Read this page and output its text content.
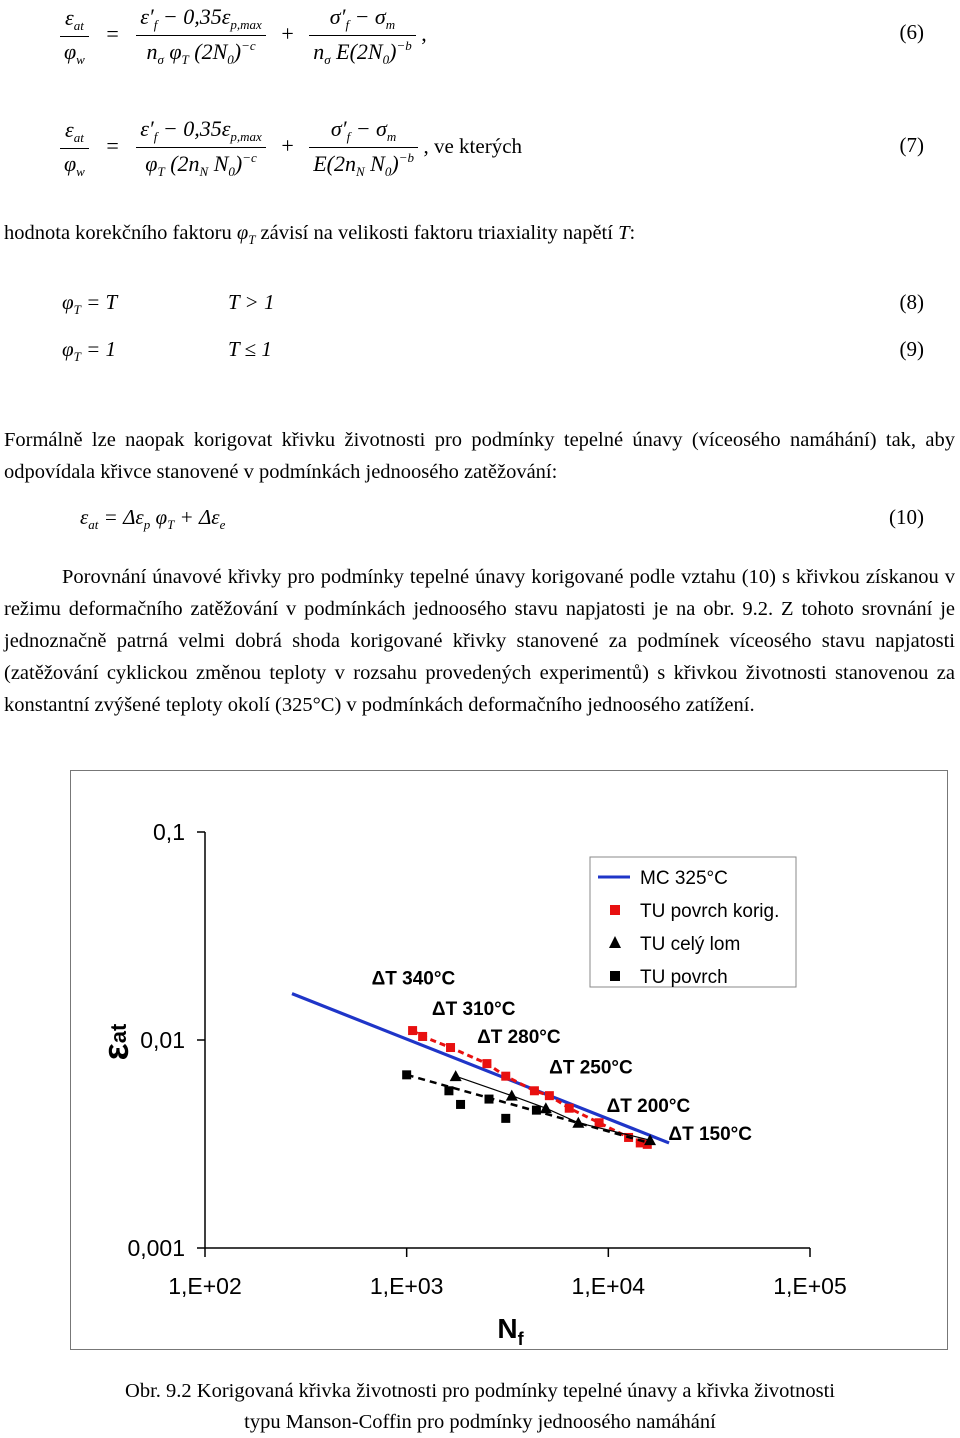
$\frac{\varepsilon_{at}}{\varphi_w} = \frac{\varepsilon'_f - 0,35\varepsilon_{p,max}}{n_\sigma \varphi_T (2N_0)^{-c}} + \frac{\sigma'_f - \sigma_m}{n_\sigma E(2N_0)^{-b}}$ ,	(6)
$\frac{\varepsilon_{at}}{\varphi_w} = \frac{\varepsilon'_f - 0,35\varepsilon_{p,max}}{\varphi_T (2n_N N_0)^{-c}} + \frac{\sigma'_f - \sigma_m}{E(2n_N N_0)^{-b}}$ , ve kterých	(7)
hodnota korekčního faktoru $\varphi_T$ závisí na velikosti faktoru triaxiality napětí T:
$\varphi_T = T$	T > 1	(8)
$\varphi_T = 1$	T ≤ 1	(9)
Formálně lze naopak korigovat křivku životnosti pro podmínky tepelné únavy (víceosého namáhání) tak, aby odpovídala křivce stanovené v podmínkách jednoosého zatěžování:
$\varepsilon_{at} = \Delta\varepsilon_p$ $\varphi_T + \Delta\varepsilon_e$	(10)
Porovnání únavové křivky pro podmínky tepelné únavy korigované podle vztahu (10) s křivkou získanou v režimu deformačního zatěžování v podmínkách jednoosého stavu napjatosti je na obr. 9.2. Z tohoto srovnání je jednoznačně patrná velmi dobrá shoda korigované křivky stanovené za podmínek víceosého stavu napjatosti (zatěžování cyklickou změnou teploty v rozsahu provedených experimentů) s křivkou životnosti stanovenou za konstantní zvýšené teploty okolí (325°C) v podmínkách deformačního jednoosého zatížení.
0,001
0,01
0,1
1,E+02	1,E+03	1,E+04	1,E+05
$N_f$
εat
ΔT 340°C
ΔT 310°C
ΔT 280°C
ΔT 250°C
ΔT 200°C
ΔT 150°C
MC 325°C
TU povrch korig.
TU celý lom
TU povrch
Obr. 9.2 Korigovaná křivka životnosti pro podmínky tepelné únavy a křivka životnosti
typu Manson-Coffin pro podmínky jednoosého namáhání
